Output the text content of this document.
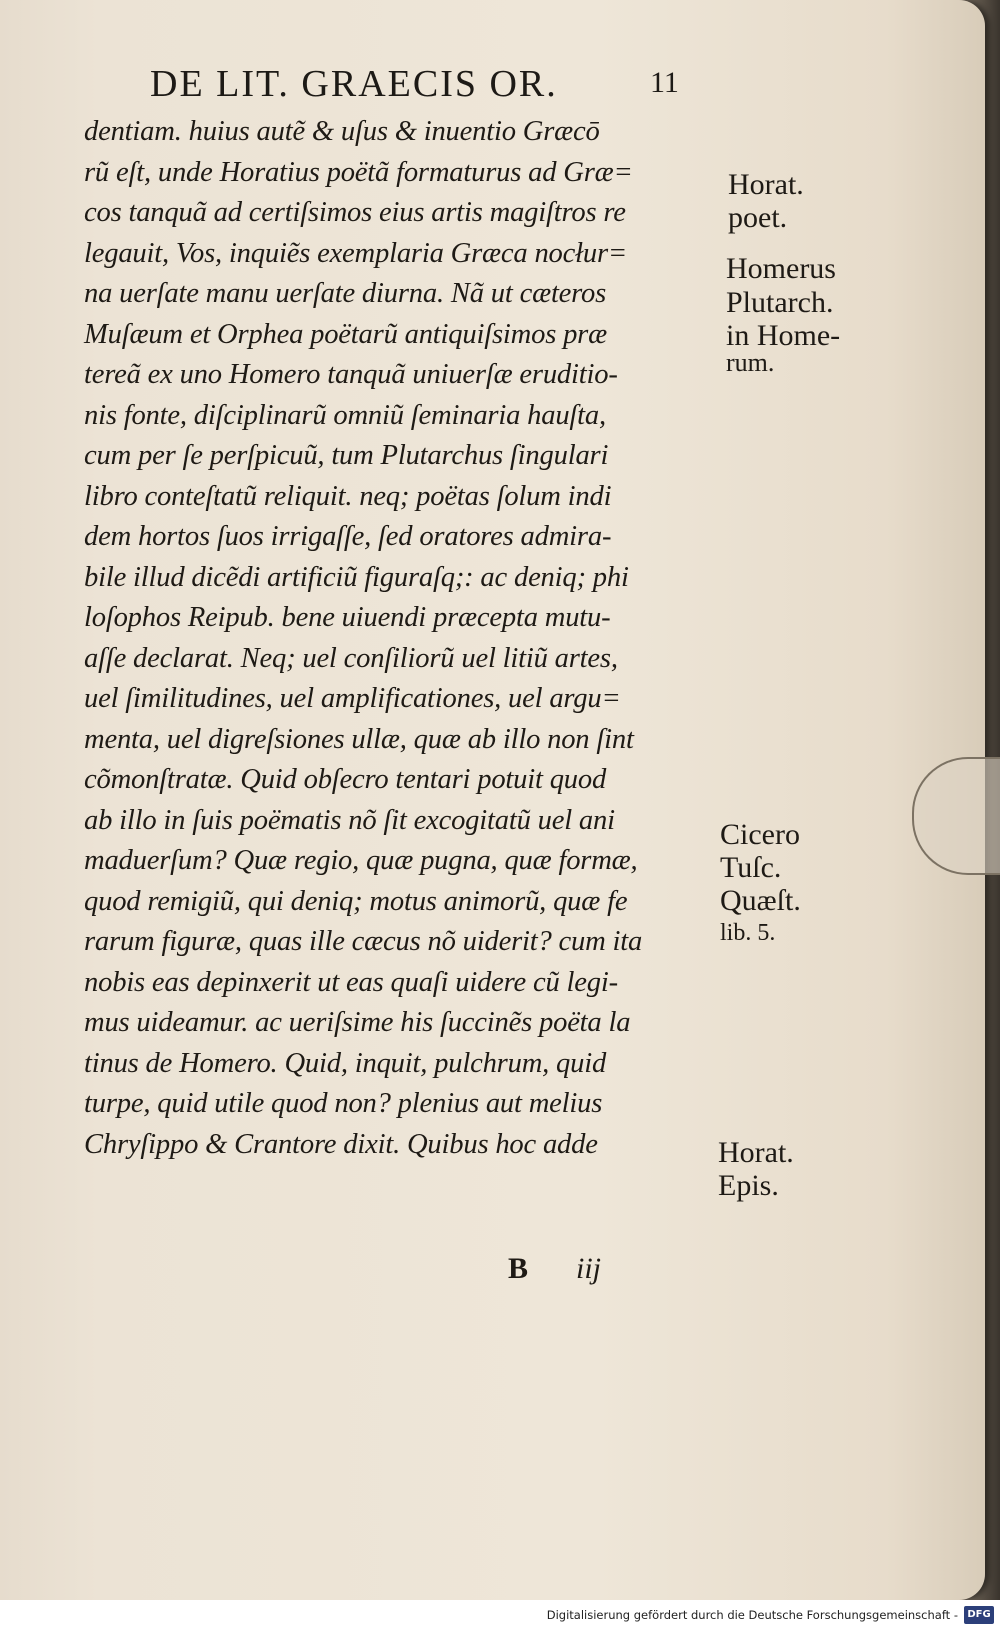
DE LIT. GRAECIS OR.	11
dentiam. huius autẽ & uſus & inuentio Græcō
rũ eſt, unde Horatius poëtã formaturus ad Græ=
cos tanquã ad certiſsimos eius artis magiſtros re
legauit, Vos, inquiẽs exemplaria Græca nocłur=
na uerſate manu uerſate diurna. Nã ut cæteros
Muſæum et Orphea poëtarũ antiquiſsimos præ
tereã ex uno Homero tanquã uniuerſæ eruditio-
nis fonte, diſciplinarũ omniũ ſeminaria hauſta,
cum per ſe perſpicuũ, tum Plutarchus ſingulari
libro conteſtatũ reliquit. neq; poëtas ſolum indi
dem hortos ſuos irrigaſſe, ſed oratores admira-
bile illud dicẽdi artificiũ figuraſq;: ac deniq; phi
loſophos Reipub. bene uiuendi præcepta mutu-
aſſe declarat. Neq; uel conſiliorũ uel litiũ artes,
uel ſimilitudines, uel amplificationes, uel argu=
menta, uel digreſsiones ullæ, quæ ab illo non ſint
cõmonſtratæ. Quid obſecro tentari potuit quod
ab illo in ſuis poëmatis nõ ſit excogitatũ uel ani
maduerſum? Quæ regio, quæ pugna, quæ formæ,
quod remigiũ, qui deniq; motus animorũ, quæ fe
rarum figuræ, quas ille cæcus nõ uiderit? cum ita
nobis eas depinxerit ut eas quaſi uidere cũ legi-
mus uideamur. ac ueriſsime his ſuccinẽs poëta la
tinus de Homero. Quid, inquit, pulchrum, quid
turpe, quid utile quod non? plenius aut melius
Chryſippo & Crantore dixit. Quibus hoc adde
Horat.
poet.
Homerus
Plutarch.
in Home-
rum.
Cicero
Tuſc.
Quæſt.
lib. 5.
Horat.
Epis.
B iij
Digitalisierung gefördert durch die Deutsche Forschungsgemeinschaft - DFG
